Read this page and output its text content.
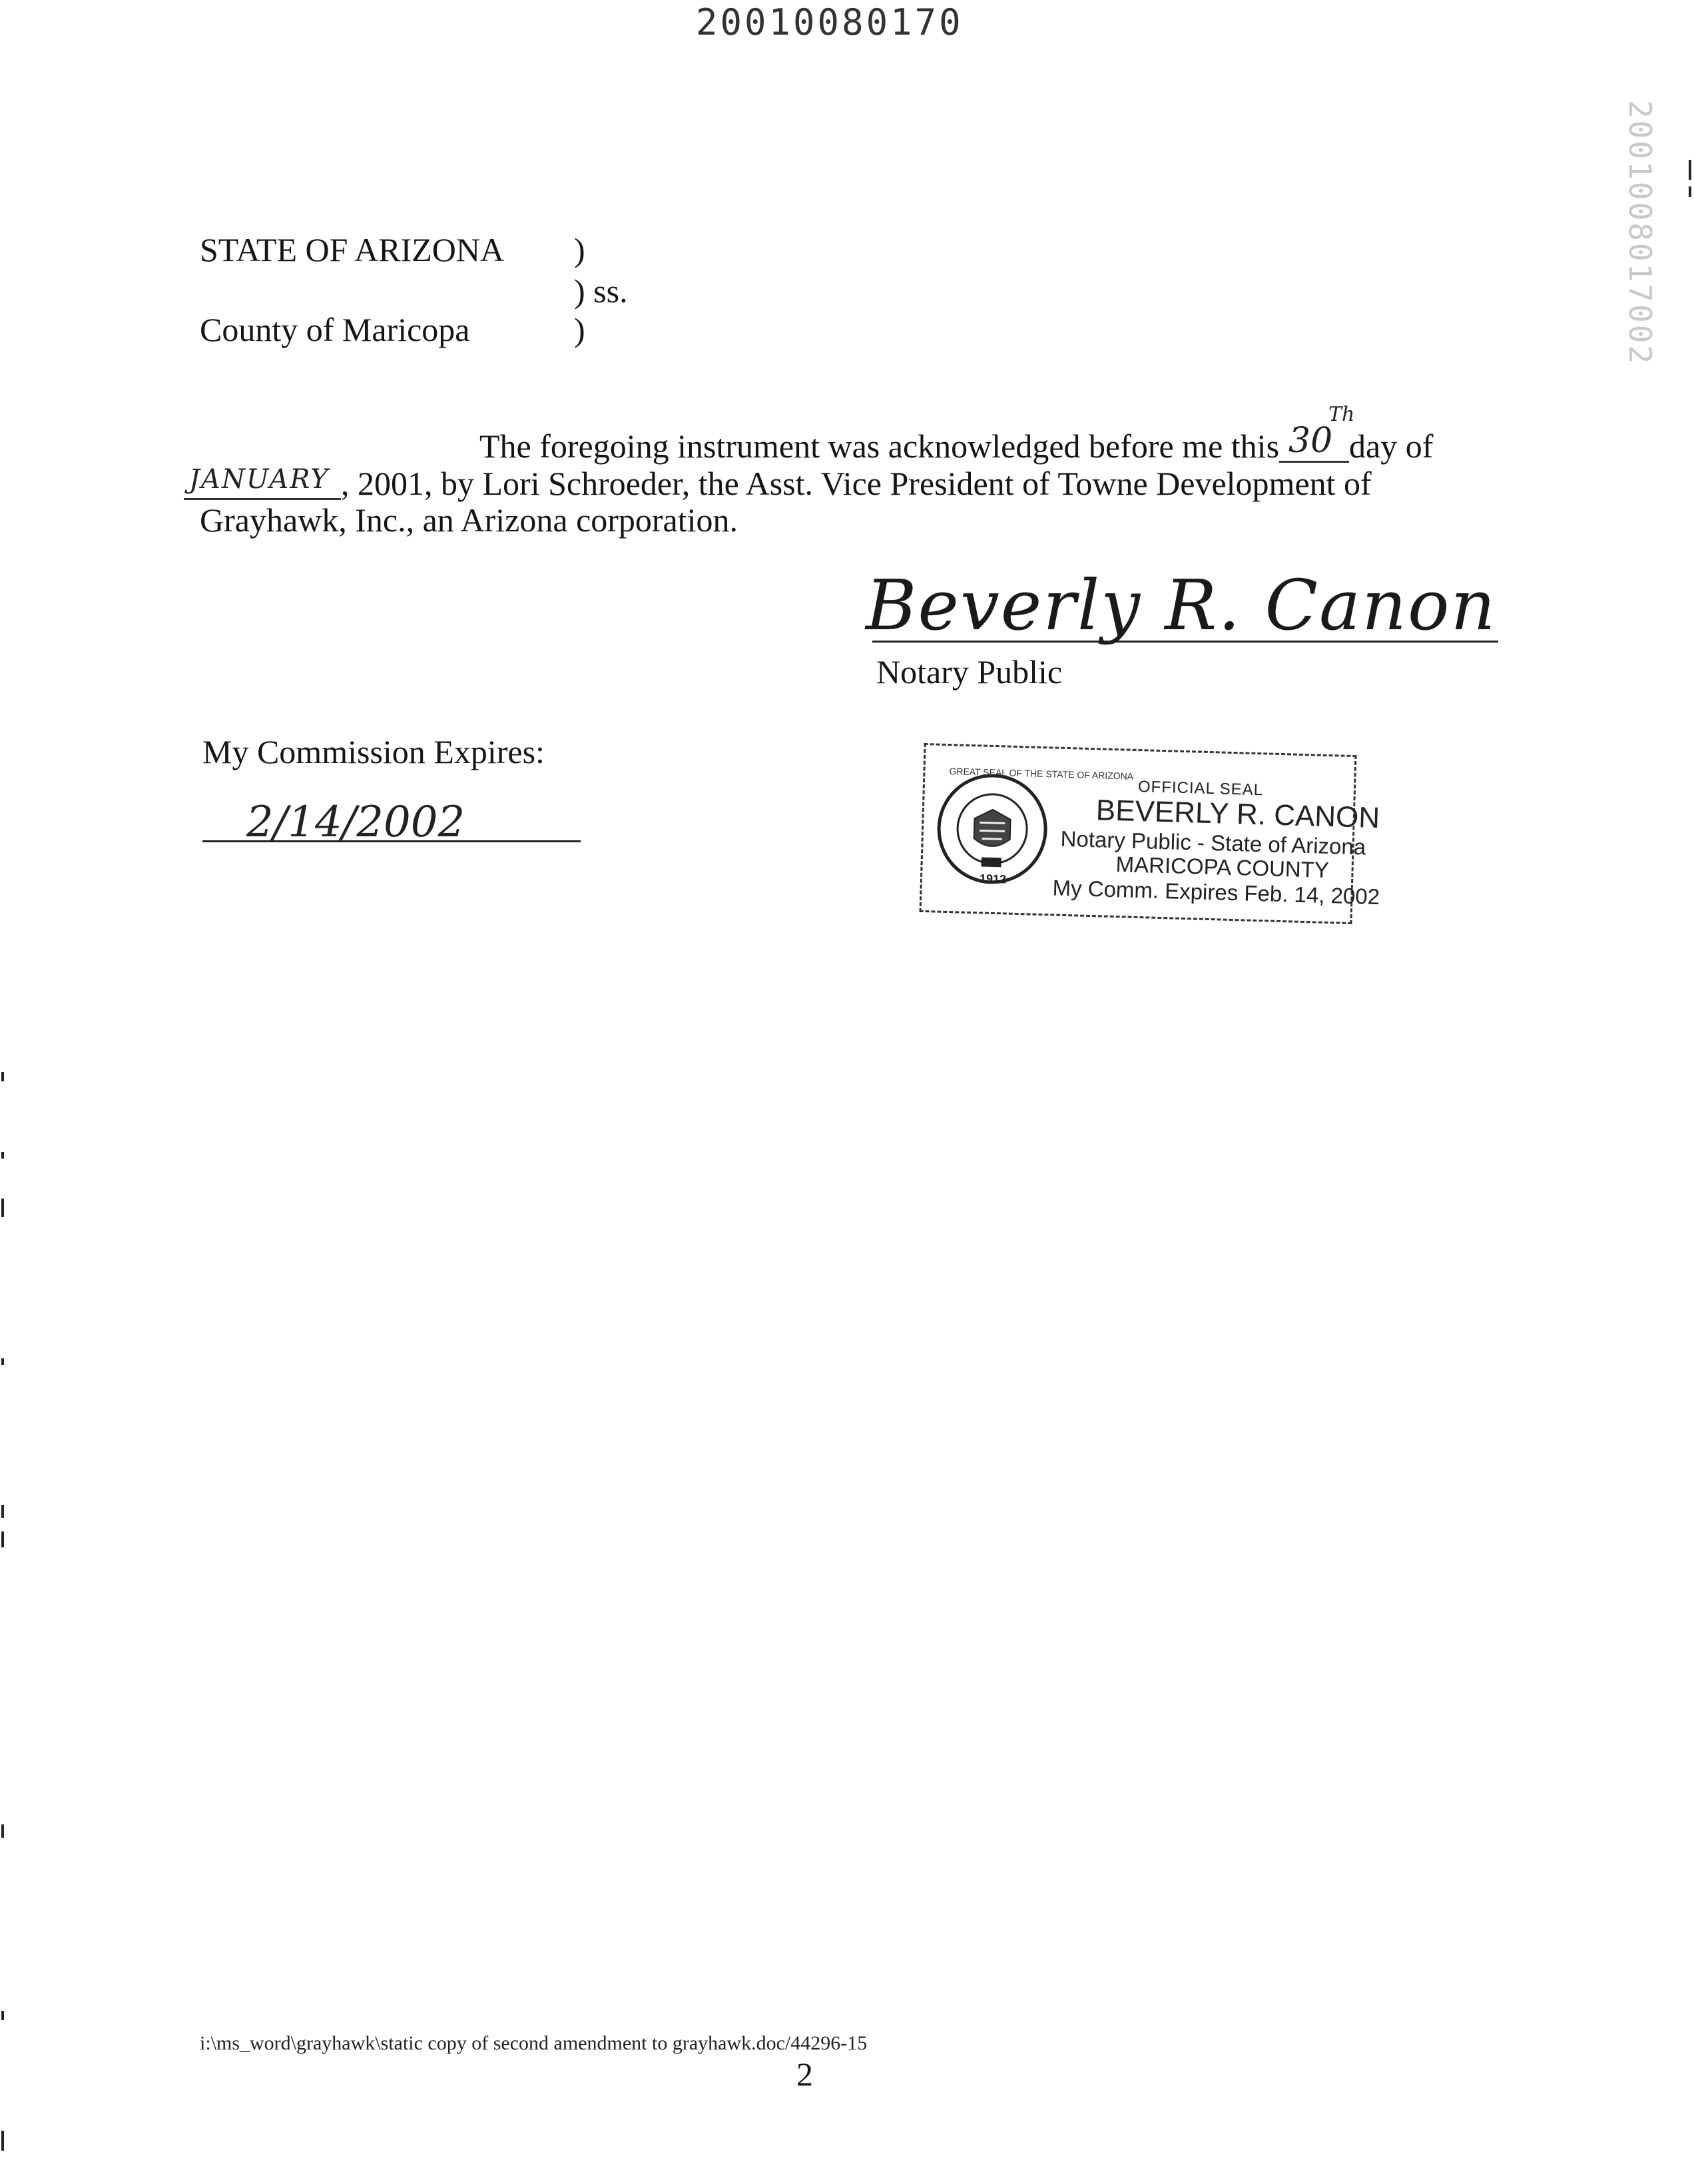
20010080170
2001008017002
STATE OF ARIZONA )
) ss.
County of Maricopa	)
The foregoing instrument was acknowledged before me this 30
Th
day of
JANUARY , 2001, by Lori Schroeder, the Asst. Vice President of Towne Development of
Grayhawk, Inc., an Arizona corporation.
Beverly R. Canon
Notary Public
My Commission Expires:
2/14/2002
GREAT SEAL OF THE STATE OF ARIZONA
1912
OFFICIAL SEAL
BEVERLY R. CANON
Notary Public - State of Arizona
MARICOPA COUNTY
My Comm. Expires Feb. 14, 2002
i:\ms_word\grayhawk\static copy of second amendment to grayhawk.doc/44296-15
2
